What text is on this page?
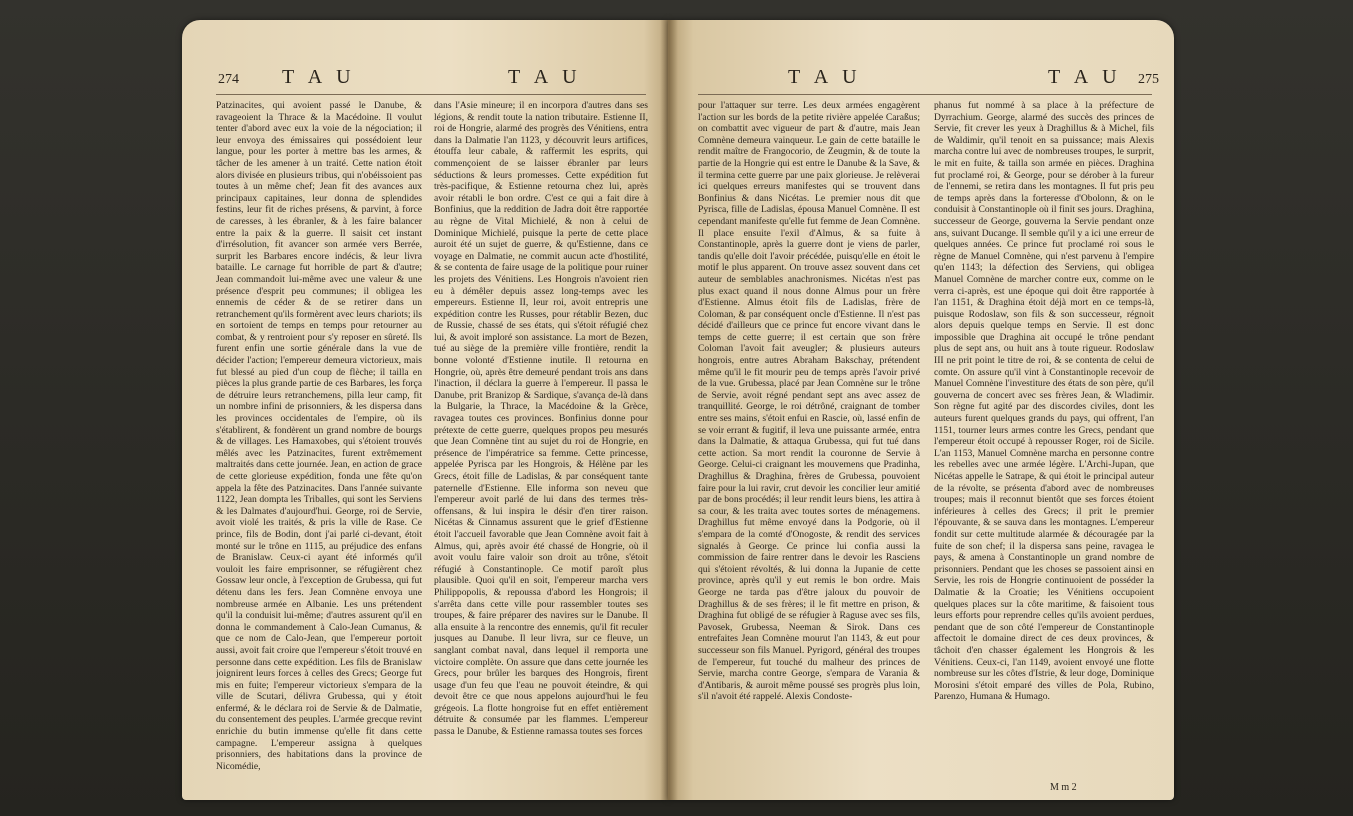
274 T A U	T A U

Patzinacites, qui avoient passé le Danube, & ravageoient la Thrace & la Macédoine. Il voulut tenter d'abord avec eux la voie de la négociation; il leur envoya des émissaires qui possédoient leur langue, pour les porter à mettre bas les armes, & tâcher de les amener à un traité. Cette nation étoit alors divisée en plusieurs tribus, qui n'obéissoient pas toutes à un même chef; Jean fit des avances aux principaux capitaines, leur donna de splendides festins, leur fit de riches présens, & parvint, à force de caresses, à les ébranler, & à les faire balancer entre la paix & la guerre. Il saisit cet instant d'irrésolution, fit avancer son armée vers Berrée, surprit les Barbares encore indécis, & leur livra bataille. Le carnage fut horrible de part & d'autre; Jean commandoit lui-même avec une valeur & une présence d'esprit peu communes; il obligea les ennemis de céder & de se retirer dans un retranchement qu'ils formèrent avec leurs chariots; ils en sortoient de temps en temps pour retourner au combat, & y rentroient pour s'y reposer en sûreté. Ils furent enfin une sortie générale dans la vue de décider l'action; l'empereur demeura victorieux, mais fut blessé au pied d'un coup de flèche; il tailla en pièces la plus grande partie de ces Barbares, les força de détruire leurs retranchemens, pilla leur camp, fit un nombre infini de prisonniers, & les dispersa dans les provinces occidentales de l'empire, où ils s'établirent, & fondèrent un grand nombre de bourgs & de villages. Les Hamaxobes, qui s'étoient trouvés mêlés avec les Patzinacites, furent extrêmement maltraités dans cette journée. Jean, en action de grace de cette glorieuse expédition, fonda une fête qu'on appela la fête des Patzinacites. Dans l'année suivante 1122, Jean dompta les Triballes, qui sont les Serviens & les Dalmates d'aujourd'hui. George, roi de Servie, avoit violé les traités, & pris la ville de Rase. Ce prince, fils de Bodin, dont j'ai parlé ci-devant, étoit monté sur le trône en 1115, au préjudice des enfans de Branislaw. Ceux-ci ayant été informés qu'il vouloit les faire emprisonner, se réfugièrent chez Gossaw leur oncle, à l'exception de Grubessa, qui fut détenu dans les fers. Jean Comnène envoya une nombreuse armée en Albanie. Les uns prétendent qu'il la conduisit lui-même; d'autres assurent qu'il en donna le commandement à Calo-Jean Cumanus, & que ce nom de Calo-Jean, que l'empereur portoit aussi, avoit fait croire que l'empereur s'étoit trouvé en personne dans cette expédition. Les fils de Branislaw joignirent leurs forces à celles des Grecs; George fut mis en fuite; l'empereur victorieux s'empara de la ville de Scutari, délivra Grubessa, qui y étoit enfermé, & le déclara roi de Servie & de Dalmatie, du consentement des peuples. L'armée grecque revint enrichie du butin immense qu'elle fit dans cette campagne. L'empereur assigna à quelques prisonniers, des habitations dans la province de Nicomédie,

dans l'Asie mineure; il en incorpora d'autres dans ses légions, & rendit toute la nation tributaire. Estienne II, roi de Hongrie, alarmé des progrès des Vénitiens, entra dans la Dalmatie l'an 1123, y découvrit leurs artifices, étouffa leur cabale, & raffermit les esprits, qui commençoient de se laisser ébranler par leurs séductions & leurs promesses. Cette expédition fut très-pacifique, & Estienne retourna chez lui, après avoir rétabli le bon ordre. C'est ce qui a fait dire à Bonfinius, que la reddition de Jadra doit être rapportée au règne de Vital Michielé, & non à celui de Dominique Michielé, puisque la perte de cette place auroit été un sujet de guerre, & qu'Estienne, dans ce voyage en Dalmatie, ne commit aucun acte d'hostilité, & se contenta de faire usage de la politique pour ruiner les projets des Vénitiens. Les Hongrois n'avoient rien eu à démêler depuis assez long-temps avec les empereurs. Estienne II, leur roi, avoit entrepris une expédition contre les Russes, pour rétablir Bezen, duc de Russie, chassé de ses états, qui s'étoit réfugié chez lui, & avoit imploré son assistance. La mort de Bezen, tué au siège de la première ville frontière, rendit la bonne volonté d'Estienne inutile. Il retourna en Hongrie, où, après être demeuré pendant trois ans dans l'inaction, il déclara la guerre à l'empereur. Il passa le Danube, prit Branizop & Sardique, s'avança de-là dans la Bulgarie, la Thrace, la Macédoine & la Grèce, ravagea toutes ces provinces. Bonfinius donne pour prétexte de cette guerre, quelques propos peu mesurés que Jean Comnène tint au sujet du roi de Hongrie, en présence de l'impératrice sa femme. Cette princesse, appelée Pyrisca par les Hongrois, & Hélène par les Grecs, étoit fille de Ladislas, & par conséquent tante paternelle d'Estienne. Elle informa son neveu que l'empereur avoit parlé de lui dans des termes très-offensans, & lui inspira le désir d'en tirer raison. Nicétas & Cinnamus assurent que le grief d'Estienne étoit l'accueil favorable que Jean Comnène avoit fait à Almus, qui, après avoir été chassé de Hongrie, où il avoit voulu faire valoir son droit au trône, s'étoit réfugié à Constantinople. Ce motif paroît plus plausible. Quoi qu'il en soit, l'empereur marcha vers Philippopolis, & repoussa d'abord les Hongrois; il s'arrêta dans cette ville pour rassembler toutes ses troupes, & faire préparer des navires sur le Danube. Il alla ensuite à la rencontre des ennemis, qu'il fit reculer jusques au Danube. Il leur livra, sur ce fleuve, un sanglant combat naval, dans lequel il remporta une victoire complète. On assure que dans cette journée les Grecs, pour brûler les barques des Hongrois, firent usage d'un feu que l'eau ne pouvoit éteindre, & qui devoit être ce que nous appelons aujourd'hui le feu grégeois. La flotte hongroise fut en effet entièrement détruite & consumée par les flammes. L'empereur passa le Danube, & Estienne ramassa toutes ses forces

T A U	T A U 275

pour l'attaquer sur terre. Les deux armées engagèrent l'action sur les bords de la petite rivière appelée Caraßus; on combattit avec vigueur de part & d'autre, mais Jean Comnène demeura vainqueur. Le gain de cette bataille le rendit maître de Frangocorio, de Zeugmin, & de toute la partie de la Hongrie qui est entre le Danube & la Save, & il termina cette guerre par une paix glorieuse. Je relèverai ici quelques erreurs manifestes qui se trouvent dans Bonfinius & dans Nicétas. Le premier nous dit que Pyrisca, fille de Ladislas, épousa Manuel Comnène. Il est cependant manifeste qu'elle fut femme de Jean Comnène. Il place ensuite l'exil d'Almus, & sa fuite à Constantinople, après la guerre dont je viens de parler, tandis qu'elle doit l'avoir précédée, puisqu'elle en étoit le motif le plus apparent. On trouve assez souvent dans cet auteur de semblables anachronismes. Nicétas n'est pas plus exact quand il nous donne Almus pour un frère d'Estienne. Almus étoit fils de Ladislas, frère de Coloman, & par conséquent oncle d'Estienne. Il n'est pas décidé d'ailleurs que ce prince fut encore vivant dans le temps de cette guerre; il est certain que son frère Coloman l'avoit fait aveugler; & plusieurs auteurs hongrois, entre autres Abraham Bakschay, prétendent même qu'il le fit mourir peu de temps après l'avoir privé de la vue. Grubessa, placé par Jean Comnène sur le trône de Servie, avoit régné pendant sept ans avec assez de tranquillité. George, le roi détrôné, craignant de tomber entre ses mains, s'étoit enfui en Rascie, où, lassé enfin de se voir errant & fugitif, il leva une puissante armée, entra dans la Dalmatie, & attaqua Grubessa, qui fut tué dans cette action. Sa mort rendit la couronne de Servie à George. Celui-ci craignant les mouvemens que Pradinha, Draghillus & Draghina, frères de Grubessa, pouvoient faire pour la lui ravir, crut devoir les concilier leur amitié par de bons procédés; il leur rendit leurs biens, les attira à sa cour, & les traita avec toutes sortes de ménagemens. Draghillus fut même envoyé dans la Podgorie, où il s'empara de la comté d'Onogoste, & rendit des services signalés à George. Ce prince lui confia aussi la commission de faire rentrer dans le devoir les Rasciens qui s'étoient révoltés, & lui donna la Jupanie de cette province, après qu'il y eut remis le bon ordre. Mais George ne tarda pas d'être jaloux du pouvoir de Draghillus & de ses frères; il le fit mettre en prison, & Draghina fut obligé de se réfugier à Raguse avec ses fils, Pavosek, Grubessa, Neeman & Sirok. Dans ces entrefaites Jean Comnène mourut l'an 1143, & eut pour successeur son fils Manuel. Pyrigord, général des troupes de l'empereur, fut touché du malheur des princes de Servie, marcha contre George, s'empara de Varania & d'Antibaris, & auroit même poussé ses progrès plus loin, s'il n'avoit été rappelé. Alexis Condoste-

phanus fut nommé à sa place à la préfecture de Dyrrachium. George, alarmé des succès des princes de Servie, fit crever les yeux à Draghillus & à Michel, fils de Waldimir, qu'il tenoit en sa puissance; mais Alexis marcha contre lui avec de nombreuses troupes, le surprit, le mit en fuite, & tailla son armée en pièces. Draghina fut proclamé roi, & George, pour se dérober à la fureur de l'ennemi, se retira dans les montagnes. Il fut pris peu de temps après dans la forteresse d'Obolonn, & on le conduisit à Constantinople où il finit ses jours. Draghina, successeur de George, gouverna la Servie pendant onze ans, suivant Ducange. Il semble qu'il y a ici une erreur de quelques années. Ce prince fut proclamé roi sous le règne de Manuel Comnène, qui n'est parvenu à l'empire qu'en 1143; la défection des Serviens, qui obligea Manuel Comnène de marcher contre eux, comme on le verra ci-après, est une époque qui doit être rapportée à l'an 1151, & Draghina étoit déjà mort en ce temps-là, puisque Rodoslaw, son fils & son successeur, régnoit alors depuis quelque temps en Servie. Il est donc impossible que Draghina ait occupé le trône pendant plus de sept ans, ou huit ans à toute rigueur. Rodoslaw III ne prit point le titre de roi, & se contenta de celui de comte. On assure qu'il vint à Constantinople recevoir de Manuel Comnène l'investiture des états de son père, qu'il gouverna de concert avec ses frères Jean, & Wladimir. Son règne fut agité par des discordes civiles, dont les auteurs furent quelques grands du pays, qui offrent, l'an 1151, tourner leurs armes contre les Grecs, pendant que l'empereur étoit occupé à repousser Roger, roi de Sicile. L'an 1153, Manuel Comnène marcha en personne contre les rebelles avec une armée légère. L'Archi-Jupan, que Nicétas appelle le Satrape, & qui étoit le principal auteur de la révolte, se présenta d'abord avec de nombreuses troupes; mais il reconnut bientôt que ses forces étoient inférieures à celles des Grecs; il prit le premier l'épouvante, & se sauva dans les montagnes. L'empereur fondit sur cette multitude alarmée & découragée par la fuite de son chef; il la dispersa sans peine, ravagea le pays, & amena à Constantinople un grand nombre de prisonniers. Pendant que les choses se passoient ainsi en Servie, les rois de Hongrie continuoient de posséder la Dalmatie & la Croatie; les Vénitiens occupoient quelques places sur la côte maritime, & faisoient tous leurs efforts pour reprendre celles qu'ils avoient perdues, pendant que de son côté l'empereur de Constantinople affectoit le domaine direct de ces deux provinces, & tâchoit d'en chasser également les Hongrois & les Vénitiens. Ceux-ci, l'an 1149, avoient envoyé une flotte nombreuse sur les côtes d'Istrie, & leur doge, Dominique Morosini s'étoit emparé des villes de Pola, Rubino, Parenzo, Humana & Humago.

M m 2
